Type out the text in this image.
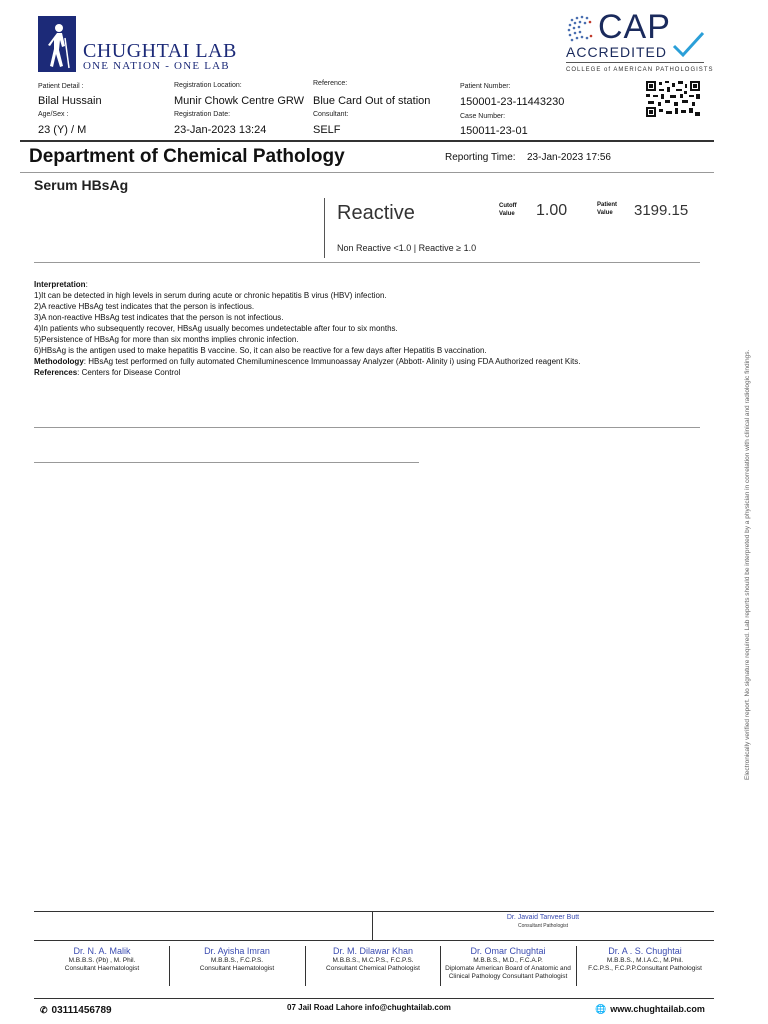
CHUGHTAI LAB
ONE NATION - ONE LAB
CAP
ACCREDITED
COLLEGE of AMERICAN PATHOLOGISTS
Patient Detail :
Bilal Hussain
Age/Sex :
23 (Y) / M
Registration Location:
Munir Chowk Centre GRW
Registration Date:
23-Jan-2023 13:24
Reference:
Blue Card Out of station
Consultant:
SELF
Patient Number:
150001-23-11443230
Case Number:
150011-23-01
Department of Chemical Pathology	Reporting Time: 23-Jan-2023 17:56
Serum HBsAg
Reactive	Cutoff
Value 1.00	Patient
Value 3199.15
Non Reactive <1.0 | Reactive ≥ 1.0

Interpretation:

1)It can be detected in high levels in serum during acute or chronic hepatitis B virus (HBV) infection.

2)A reactive HBsAg test indicates that the person is infectious.

3)A non-reactive HBsAg test indicates that the person is not infectious.

4)In patients who subsequently recover, HBsAg usually becomes undetectable after four to six months.

5)Persistence of HBsAg for more than six months implies chronic infection.

6)HBsAg is the antigen used to make hepatitis B vaccine. So, it can also be reactive for a few days after Hepatitis B vaccination.

Methodology: HBsAg test performed on fully automated Chemiluminescence Immunoassay Analyzer (Abbott- Alinity i) using FDA Authorized reagent Kits.

References: Centers for Disease Control	Electronically verified report. No signature required. Lab reports should be interpreted by a physician in correlation with clinical and radiologic findings.
Dr. Javaid Tanveer Butt
Consultant Pathologist
Dr. N. A. Malik
M.B.B.S. (Pb) , M. Phil.
Consultant Haematologist
Dr. Ayisha Imran
M.B.B.S., F.C.P.S.
Consultant Haematologist
Dr. M. Dilawar Khan
M.B.B.S., M.C.P.S., F.C.P.S.
Consultant Chemical Pathologist
Dr. Omar Chughtai
M.B.B.S., M.D., F.C.A.P.
Diplomate American Board of Anatomic and Clinical Pathology Consultant Pathologist
Dr. A . S. Chughtai
M.B.B.S., M.I.A.C., M.Phil.
F.C.P.S., F.C.P.P.Consultant Pathologist
✆ 03111456789	07 Jail Road Lahore info@chughtailab.com	🌐 www.chughtailab.com
